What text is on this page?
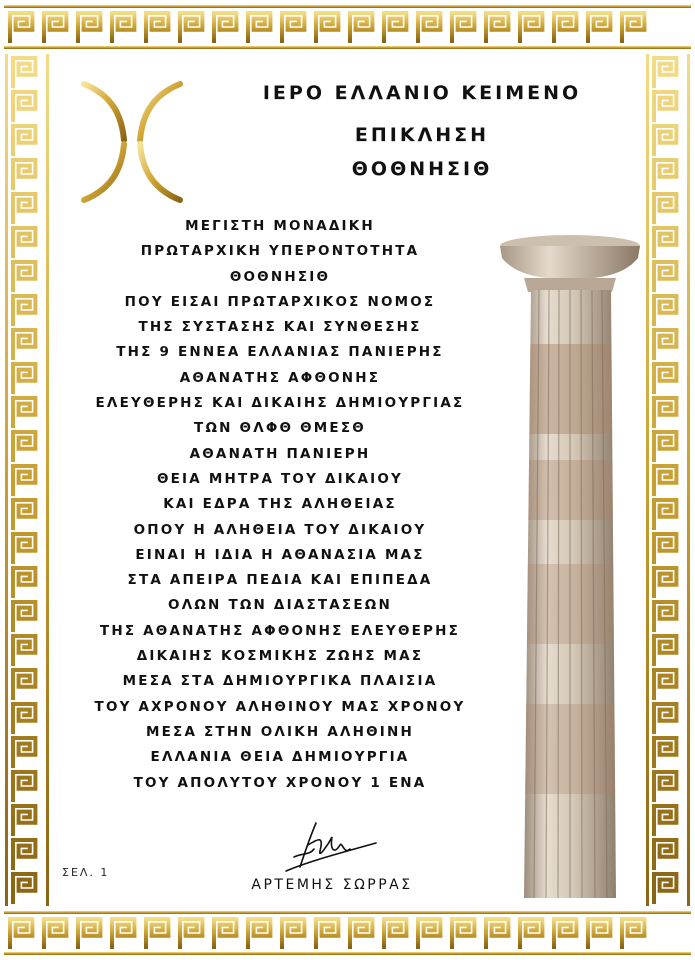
ΙΕΡΟ ΕΛΛΑΝΙΟ ΚΕΙΜΕΝΟ
ΕΠΙΚΛΗΣΗ
ΘΟΘΝΗΣΙΘ
ΜΕΓΙΣΤΗ ΜΟΝΑΔΙΚΗ
ΠΡΩΤΑΡΧΙΚΗ ΥΠΕΡΟΝΤΟΤΗΤΑ
ΘΟΘΝΗΣΙΘ
ΠΟΥ ΕΙΣΑΙ ΠΡΩΤΑΡΧΙΚΟΣ ΝΟΜΟΣ
ΤΗΣ ΣΥΣΤΑΣΗΣ ΚΑΙ ΣΥΝΘΕΣΗΣ
ΤΗΣ 9 ΕΝΝΕΑ ΕΛΛΑΝΙΑΣ ΠΑΝΙΕΡΗΣ
ΑΘΑΝΑΤΗΣ ΑΦΘΟΝΗΣ
ΕΛΕΥΘΕΡΗΣ ΚΑΙ ΔΙΚΑΙΗΣ ΔΗΜΙΟΥΡΓΙΑΣ
ΤΩΝ ΘΛΦΘ ΘΜΕΣΘ
ΑΘΑΝΑΤΗ ΠΑΝΙΕΡΗ
ΘΕΙΑ ΜΗΤΡΑ ΤΟΥ ΔΙΚΑΙΟΥ
ΚΑΙ ΕΔΡΑ ΤΗΣ ΑΛΗΘΕΙΑΣ
ΟΠΟΥ Η ΑΛΗΘΕΙΑ ΤΟΥ ΔΙΚΑΙΟΥ
ΕΙΝΑΙ Η ΙΔΙΑ Η ΑΘΑΝΑΣΙΑ ΜΑΣ
ΣΤΑ ΑΠΕΙΡΑ ΠΕΔΙΑ ΚΑΙ ΕΠΙΠΕΔΑ
ΟΛΩΝ ΤΩΝ ΔΙΑΣΤΑΣΕΩΝ
ΤΗΣ ΑΘΑΝΑΤΗΣ ΑΦΘΟΝΗΣ ΕΛΕΥΘΕΡΗΣ
ΔΙΚΑΙΗΣ ΚΟΣΜΙΚΗΣ ΖΩΗΣ ΜΑΣ
ΜΕΣΑ ΣΤΑ ΔΗΜΙΟΥΡΓΙΚΑ ΠΛΑΙΣΙΑ
ΤΟΥ ΑΧΡΟΝΟΥ ΑΛΗΘΙΝΟΥ ΜΑΣ ΧΡΟΝΟΥ
ΜΕΣΑ ΣΤΗΝ ΟΛΙΚΗ ΑΛΗΘΙΝΗ
ΕΛΛΑΝΙΑ ΘΕΙΑ ΔΗΜΙΟΥΡΓΙΑ
ΤΟΥ ΑΠΟΛΥΤΟΥ ΧΡΟΝΟΥ 1 ΕΝΑ
ΣΕΛ. 1
ΑΡΤΕΜΗΣ ΣΩΡΡΑΣ
